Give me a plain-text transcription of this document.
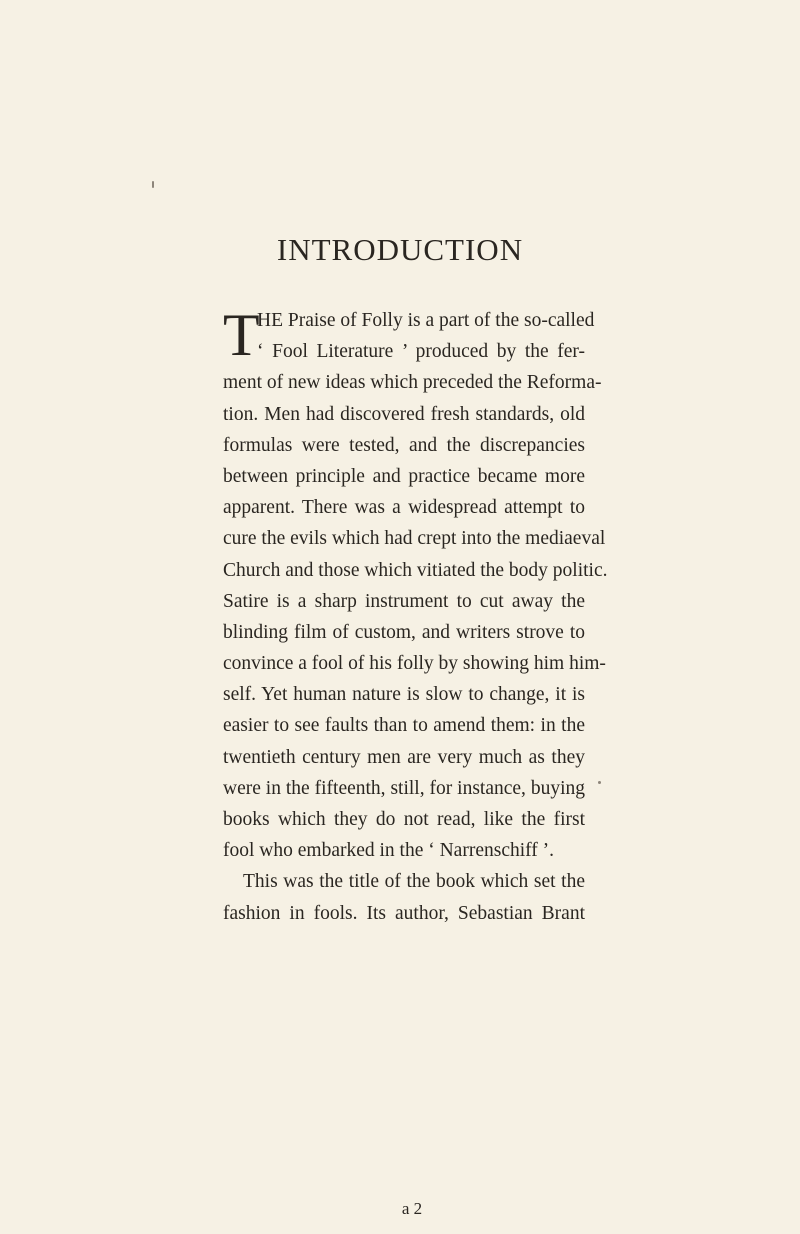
INTRODUCTION
T
HE Praise of Folly is a part of the so-called
‘ Fool Literature ’ produced by the fer-
ment of new ideas which preceded the Reforma-
tion. Men had discovered fresh standards, old
formulas were tested, and the discrepancies
between principle and practice became more
apparent. There was a widespread attempt to
cure the evils which had crept into the mediaeval
Church and those which vitiated the body politic.
Satire is a sharp instrument to cut away the
blinding film of custom, and writers strove to
convince a fool of his folly by showing him him-
self. Yet human nature is slow to change, it is
easier to see faults than to amend them: in the
twentieth century men are very much as they
were in the fifteenth, still, for instance, buying
books which they do not read, like the first
fool who embarked in the ‘ Narrenschiff ’.
This was the title of the book which set the
fashion in fools. Its author, Sebastian Brant
a 2
